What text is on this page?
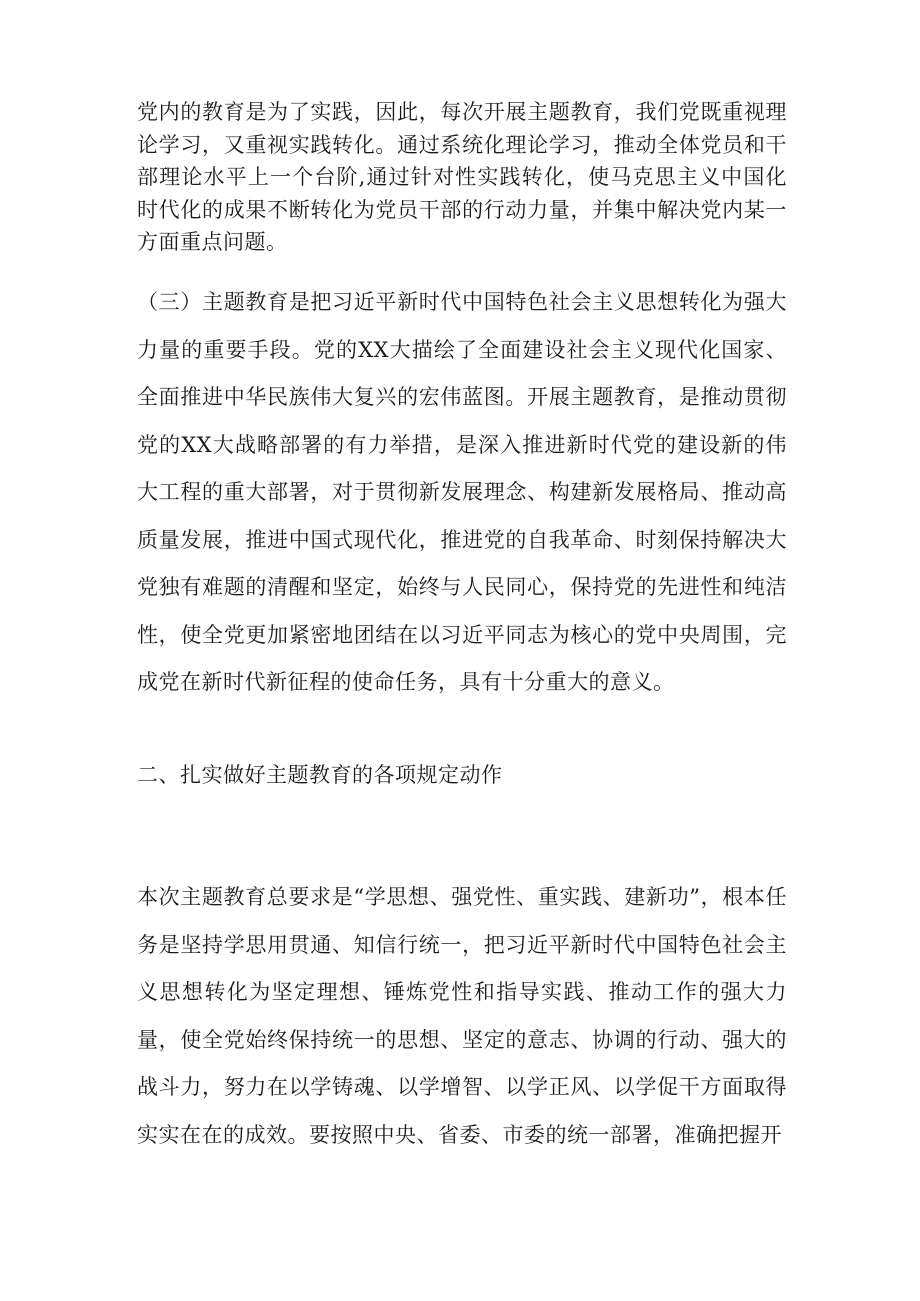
党内的教育是为了实践，因此，每次开展主题教育，我们党既重视理论学习，又重视实践转化。通过系统化理论学习，推动全体党员和干部理论水平上一个台阶,通过针对性实践转化，使马克思主义中国化时代化的成果不断转化为党员干部的行动力量，并集中解决党内某一方面重点问题。

（三）主题教育是把习近平新时代中国特色社会主义思想转化为强大力量的重要手段。党的XX大描绘了全面建设社会主义现代化国家、全面推进中华民族伟大复兴的宏伟蓝图。开展主题教育，是推动贯彻党的XX大战略部署的有力举措，是深入推进新时代党的建设新的伟大工程的重大部署，对于贯彻新发展理念、构建新发展格局、推动高质量发展，推进中国式现代化，推进党的自我革命、时刻保持解决大党独有难题的清醒和坚定，始终与人民同心，保持党的先进性和纯洁性，使全党更加紧密地团结在以习近平同志为核心的党中央周围，完成党在新时代新征程的使命任务，具有十分重大的意义。

二、扎实做好主题教育的各项规定动作

本次主题教育总要求是“学思想、强党性、重实践、建新功”，根本任务是坚持学思用贯通、知信行统一，把习近平新时代中国特色社会主义思想转化为坚定理想、锤炼党性和指导实践、推动工作的强大力量，使全党始终保持统一的思想、坚定的意志、协调的行动、强大的战斗力，努力在以学铸魂、以学增智、以学正风、以学促干方面取得实实在在的成效。要按照中央、省委、市委的统一部署，准确把握开
